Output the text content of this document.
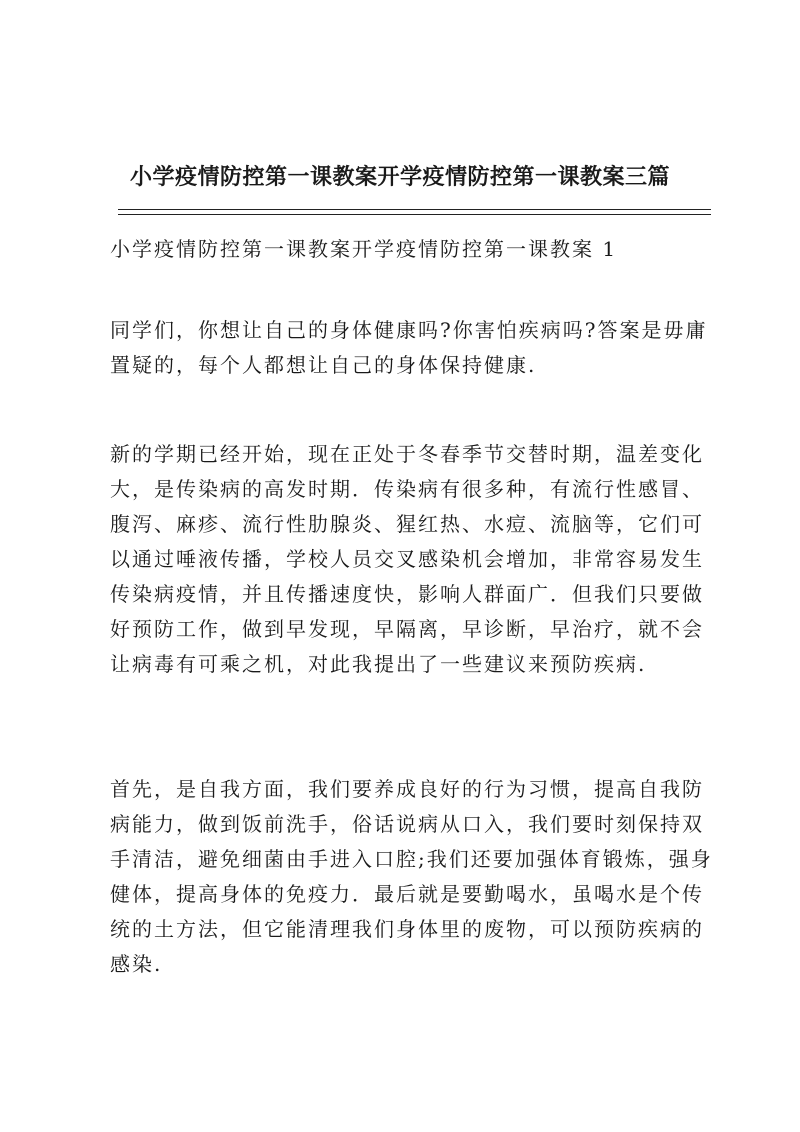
小学疫情防控第一课教案开学疫情防控第一课教案三篇
小学疫情防控第一课教案开学疫情防控第一课教案 1
同学们，你想让自己的身体健康吗?你害怕疾病吗?答案是毋庸置疑的，每个人都想让自己的身体保持健康.
新的学期已经开始，现在正处于冬春季节交替时期，温差变化大，是传染病的高发时期．传染病有很多种，有流行性感冒、腹泻、麻疹、流行性肋腺炎、猩红热、水痘、流脑等，它们可以通过唾液传播，学校人员交叉感染机会增加，非常容易发生传染病疫情，并且传播速度快，影响人群面广．但我们只要做好预防工作，做到早发现，早隔离，早诊断，早治疗，就不会让病毒有可乘之机，对此我提出了一些建议来预防疾病.
首先，是自我方面，我们要养成良好的行为习惯，提高自我防病能力，做到饭前洗手，俗话说病从口入，我们要时刻保持双手清洁，避免细菌由手进入口腔;我们还要加强体育锻炼，强身健体，提高身体的免疫力．最后就是要勤喝水，虽喝水是个传统的土方法，但它能清理我们身体里的废物，可以预防疾病的感染.
